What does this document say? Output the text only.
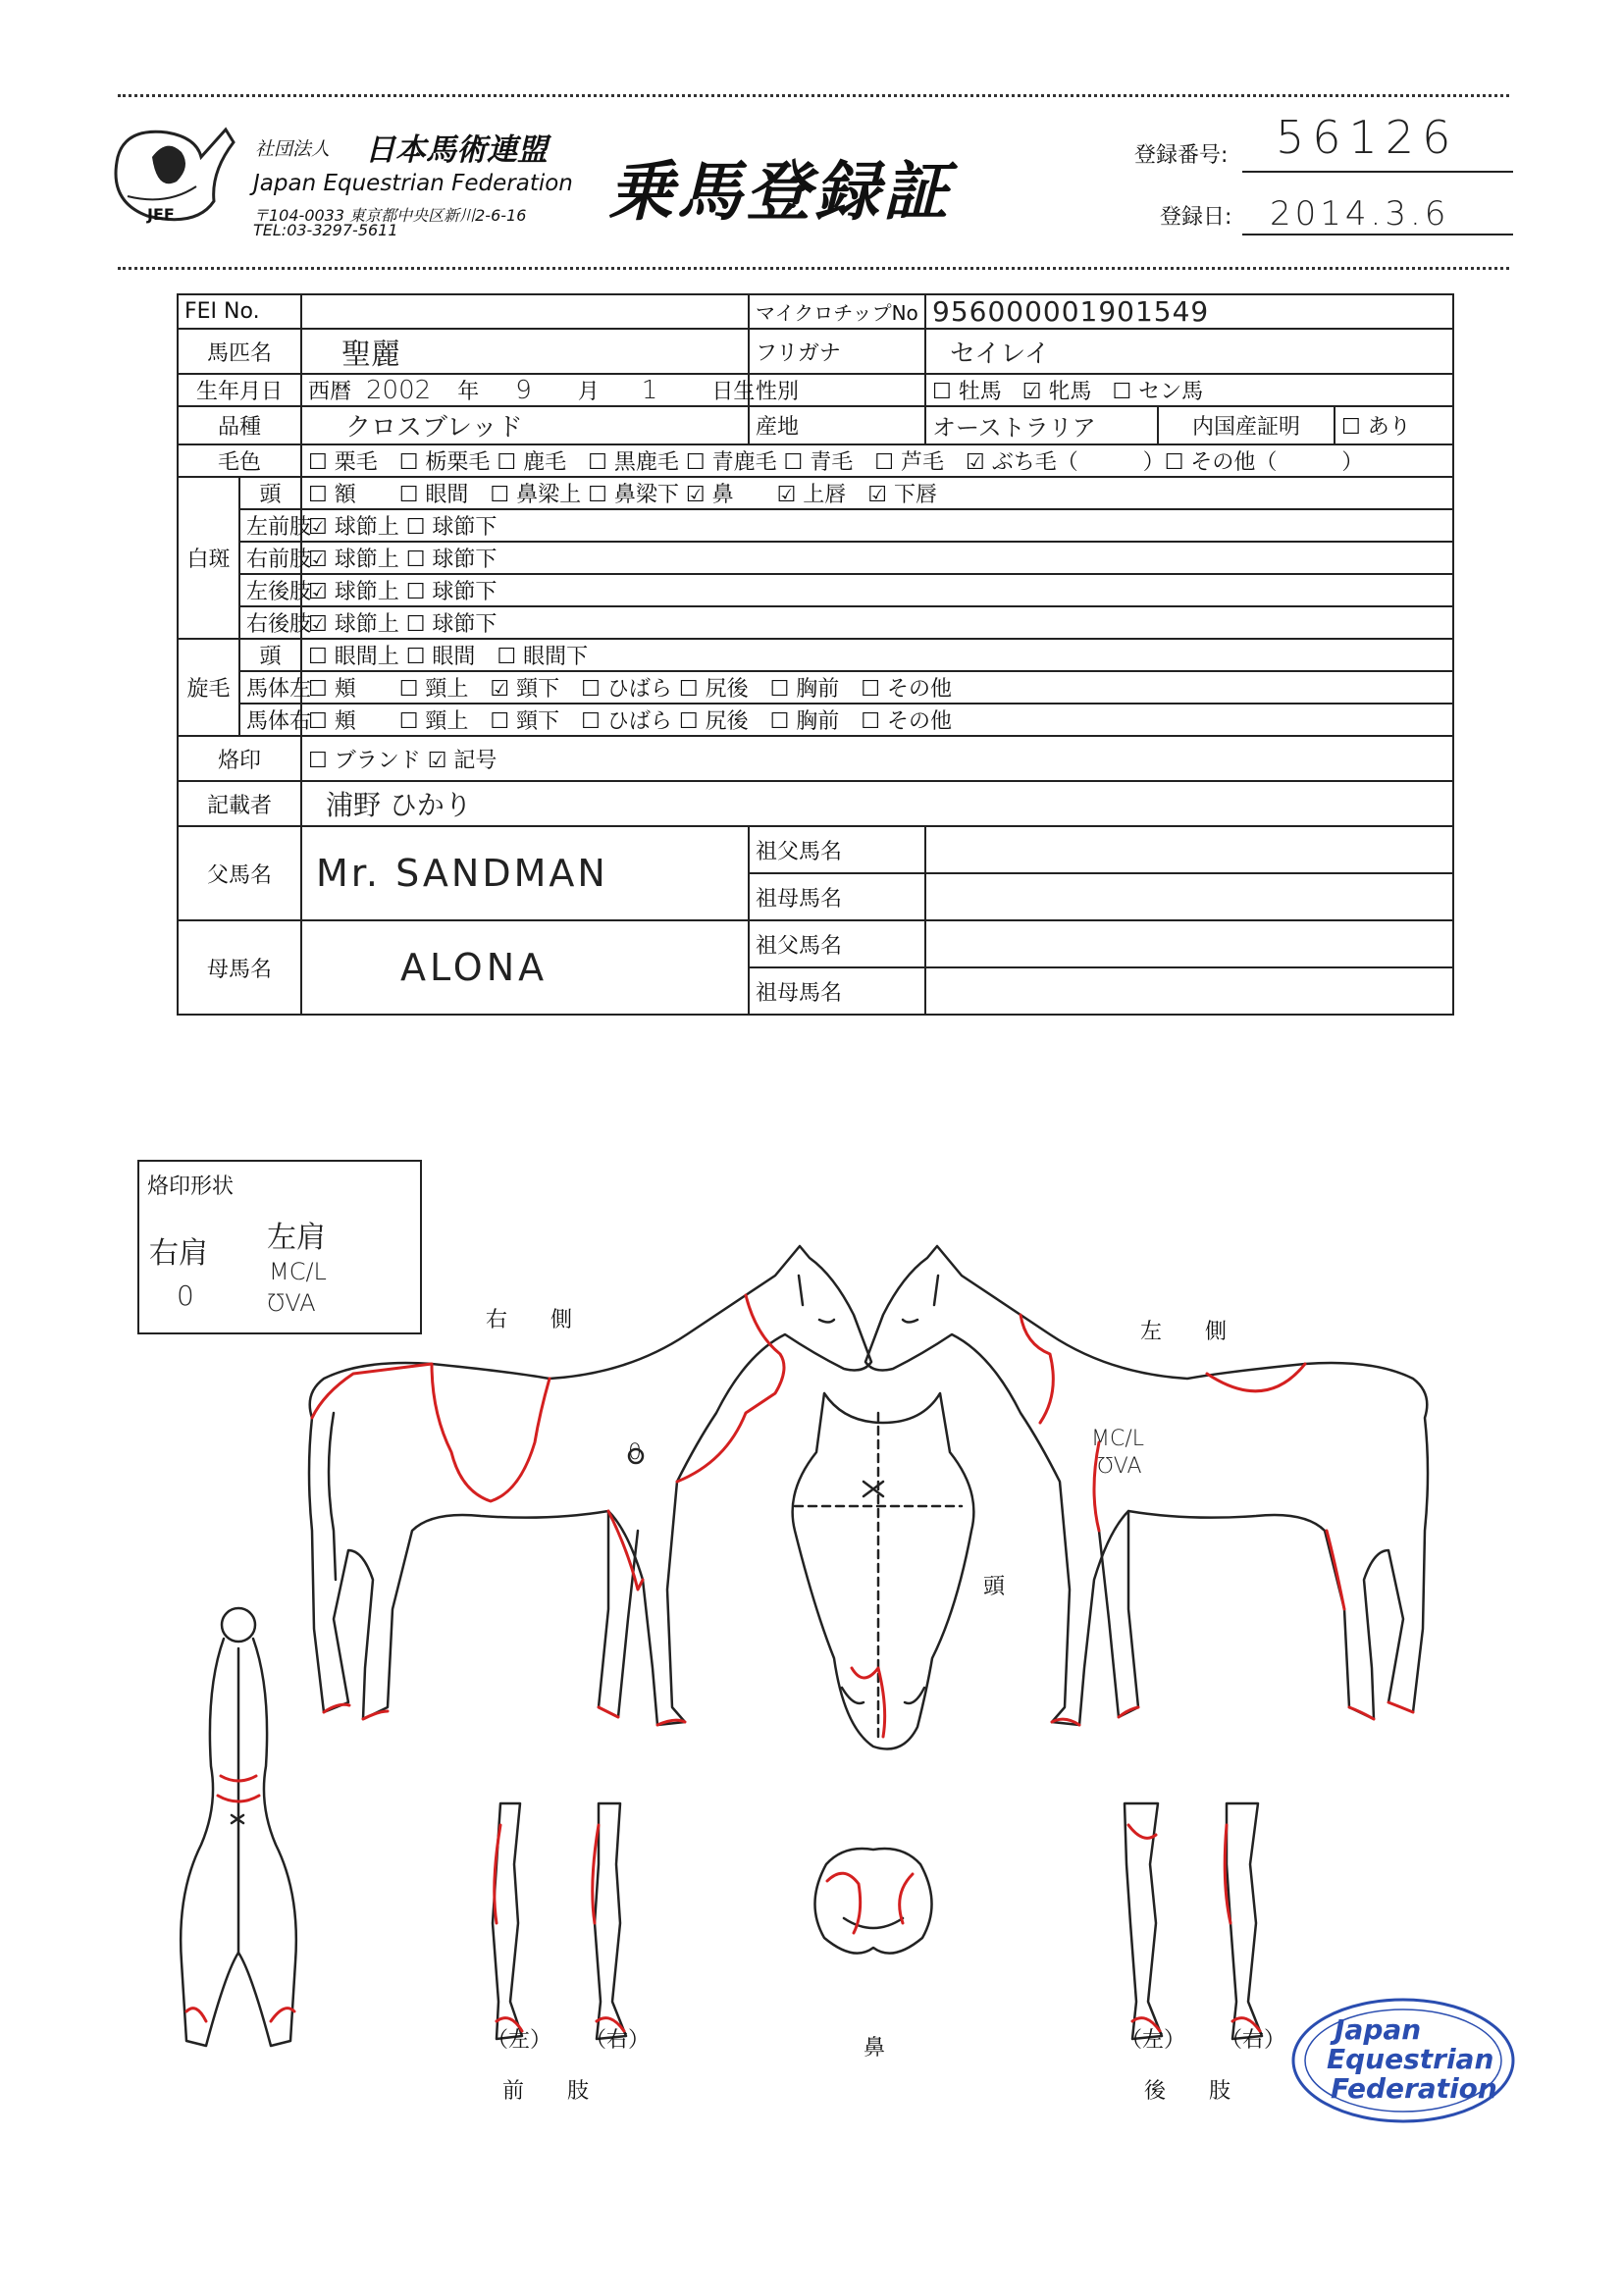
JEF
社団法人 日本馬術連盟
Japan Equestrian Federation
〒104-0033 東京都中央区新川2-6-16
TEL:03-3297-5611
乗馬登録証	登録番号: 56126
登録日: 2014.3.6
FEI No.			マイクロチップNo	956000001901549		
馬匹名		聖麗	フリガナ	セイレイ		
生年月日		西暦 2002 年 9 月 1 日生	性別	☐ 牡馬 ☑ 牝馬 ☐ セン馬		
品種		クロスブレッド	産地	オーストラリア	内国産証明	☐ あり
毛色		☐ 栗毛　☐ 栃栗毛 ☐ 鹿毛　☐ 黒鹿毛 ☐ 青鹿毛 ☐ 青毛　☐ 芦毛　☑ ぶち毛（　　　）☐ その他（　　　）				
白斑	頭	☐ 額　　☐ 眼間　☐ 鼻梁上 ☐ 鼻梁下 ☑ 鼻　　☑ 上唇　☑ 下唇				
	左前肢	☑ 球節上 ☐ 球節下				
	右前肢	☑ 球節上 ☐ 球節下				
	左後肢	☑ 球節上 ☐ 球節下				
	右後肢	☑ 球節上 ☐ 球節下				
旋毛	頭	☐ 眼間上 ☐ 眼間　☐ 眼間下				
	馬体左	☐ 頬　　☐ 頸上　☑ 頸下　☐ ひばら ☐ 尻後　☐ 胸前　☐ その他				
	馬体右	☐ 頬　　☐ 頸上　☐ 頸下　☐ ひばら ☐ 尻後　☐ 胸前　☐ その他				
烙印		☐ ブランド ☑ 記号				
記載者		浦野 ひかり				
父馬名		Mr. SANDMAN	祖父馬名			
			祖母馬名			
母馬名		ALONA	祖父馬名			
			祖母馬名			
烙印形状
右肩
0
左肩
MC/L
℧VA
右　　側	左　　側
頭
鼻
（左） （右）
前　　肢
（左） （右）
後　　肢
0
MC/L
℧VA
Japan
Equestrian
Federation
